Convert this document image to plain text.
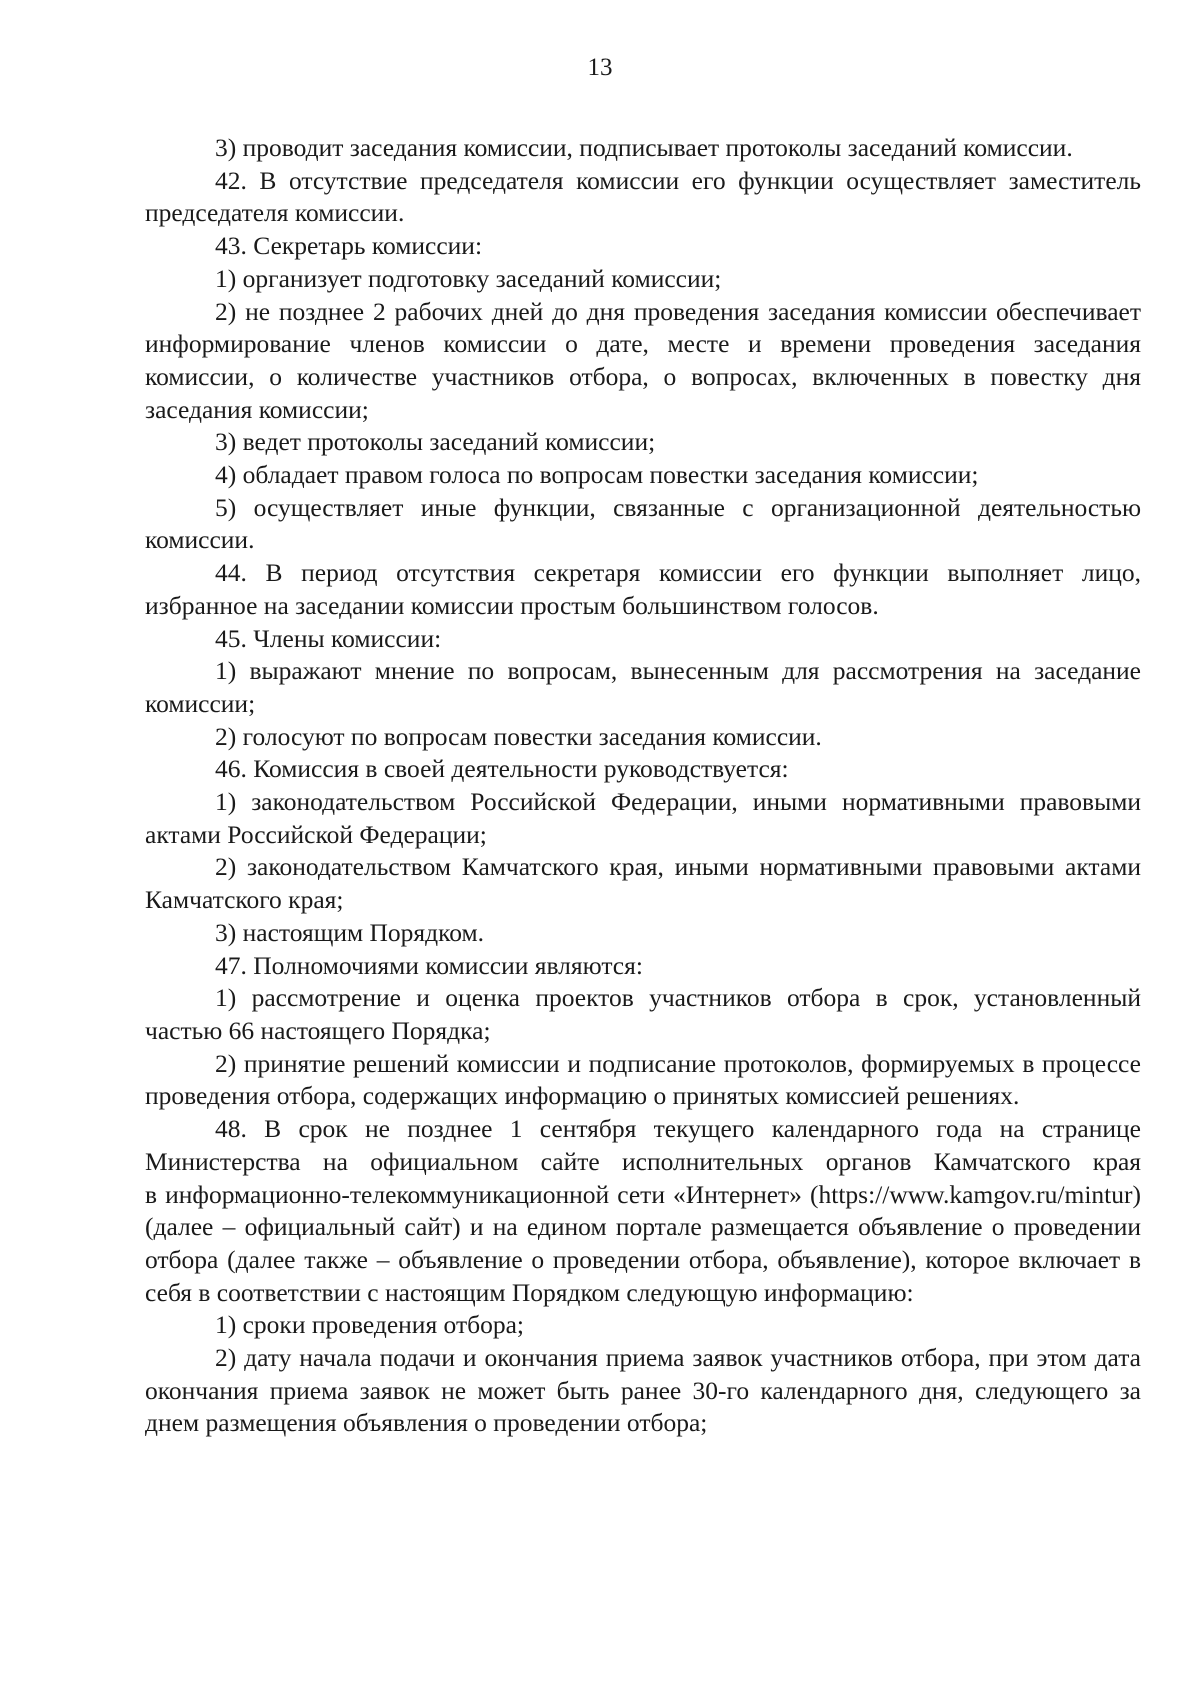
13

3) проводит заседания комиссии, подписывает протоколы заседаний комиссии.

42. В отсутствие председателя комиссии его функции осуществляет заместитель председателя комиссии.

43. Секретарь комиссии:

1) организует подготовку заседаний комиссии;

2) не позднее 2 рабочих дней до дня проведения заседания комиссии обеспечивает информирование членов комиссии о дате, месте и времени проведения заседания комиссии, о количестве участников отбора, о вопросах, включенных в повестку дня заседания комиссии;

3) ведет протоколы заседаний комиссии;

4) обладает правом голоса по вопросам повестки заседания комиссии;

5) осуществляет иные функции, связанные с организационной деятельностью комиссии.

44. В период отсутствия секретаря комиссии его функции выполняет лицо, избранное на заседании комиссии простым большинством голосов.

45. Члены комиссии:

1) выражают мнение по вопросам, вынесенным для рассмотрения на заседание комиссии;

2) голосуют по вопросам повестки заседания комиссии.

46. Комиссия в своей деятельности руководствуется:

1) законодательством Российской Федерации, иными нормативными правовыми актами Российской Федерации;

2) законодательством Камчатского края, иными нормативными правовыми актами Камчатского края;

3) настоящим Порядком.

47. Полномочиями комиссии являются:

1) рассмотрение и оценка проектов участников отбора в срок, установленный частью 66 настоящего Порядка;

2) принятие решений комиссии и подписание протоколов, формируемых в процессе проведения отбора, содержащих информацию о принятых комиссией решениях.

48. В срок не позднее 1 сентября текущего календарного года на странице Министерства на официальном сайте исполнительных органов Камчатского края

в информационно-телекоммуникационной сети «Интернет» (https://www.kamgov.ru/mintur) (далее – официальный сайт) и на едином портале размещается объявление о проведении отбора (далее также – объявление о проведении отбора, объявление), которое включает в себя в соответствии с настоящим Порядком следующую информацию:

1) сроки проведения отбора;

2) дату начала подачи и окончания приема заявок участников отбора, при этом дата окончания приема заявок не может быть ранее 30-го календарного дня, следующего за днем размещения объявления о проведении отбора;
